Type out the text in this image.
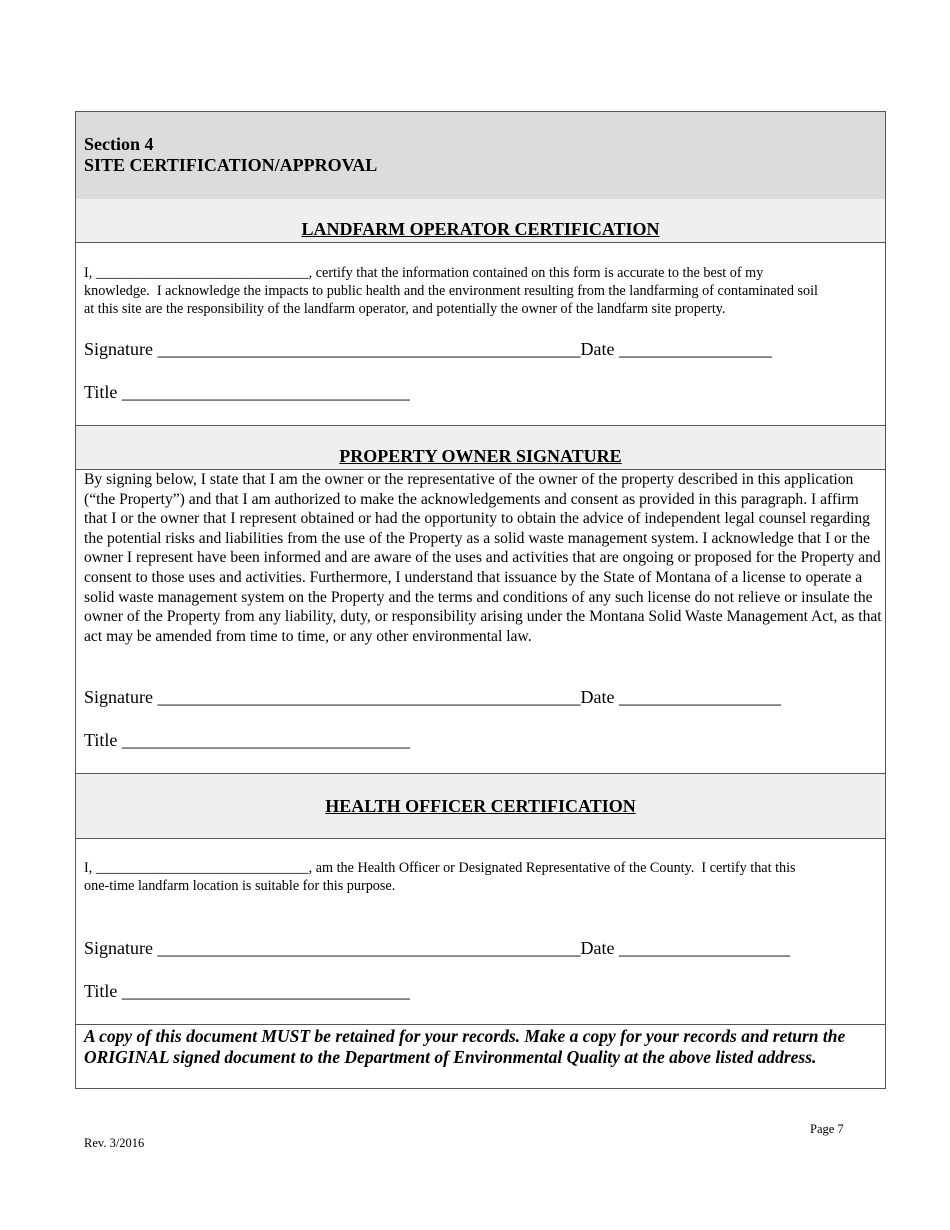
Section 4
SITE CERTIFICATION/APPROVAL
LANDFARM OPERATOR CERTIFICATION
I, ______________________________, certify that the information contained on this form is accurate to the best of my
knowledge.  I acknowledge the impacts to public health and the environment resulting from the landfarming of contaminated soil
at this site are the responsibility of the landfarm operator, and potentially the owner of the landfarm site property.
Signature _______________________________________________Date _________________
Title ________________________________
PROPERTY OWNER SIGNATURE
By signing below, I state that I am the owner or the representative of the owner of the property described in this application (“the Property”) and that I am authorized to make the acknowledgements and consent as provided in this paragraph. I affirm that I or the owner that I represent obtained or had the opportunity to obtain the advice of independent legal counsel regarding the potential risks and liabilities from the use of the Property as a solid waste management system. I acknowledge that I or the owner I represent have been informed and are aware of the uses and activities that are ongoing or proposed for the Property and consent to those uses and activities. Furthermore, I understand that issuance by the State of Montana of a license to operate a solid waste management system on the Property and the terms and conditions of any such license do not relieve or insulate the owner of the Property from any liability, duty, or responsibility arising under the Montana Solid Waste Management Act, as that act may be amended from time to time, or any other environmental law.
Signature _______________________________________________Date __________________
Title ________________________________
HEALTH OFFICER CERTIFICATION
I, ______________________________, am the Health Officer or Designated Representative of the County.  I certify that this
one-time landfarm location is suitable for this purpose.
Signature _______________________________________________Date ___________________
Title ________________________________
A copy of this document MUST be retained for your records. Make a copy for your records and return the ORIGINAL signed document to the Department of Environmental Quality at the above listed address.
Page 7
Rev. 3/2016
